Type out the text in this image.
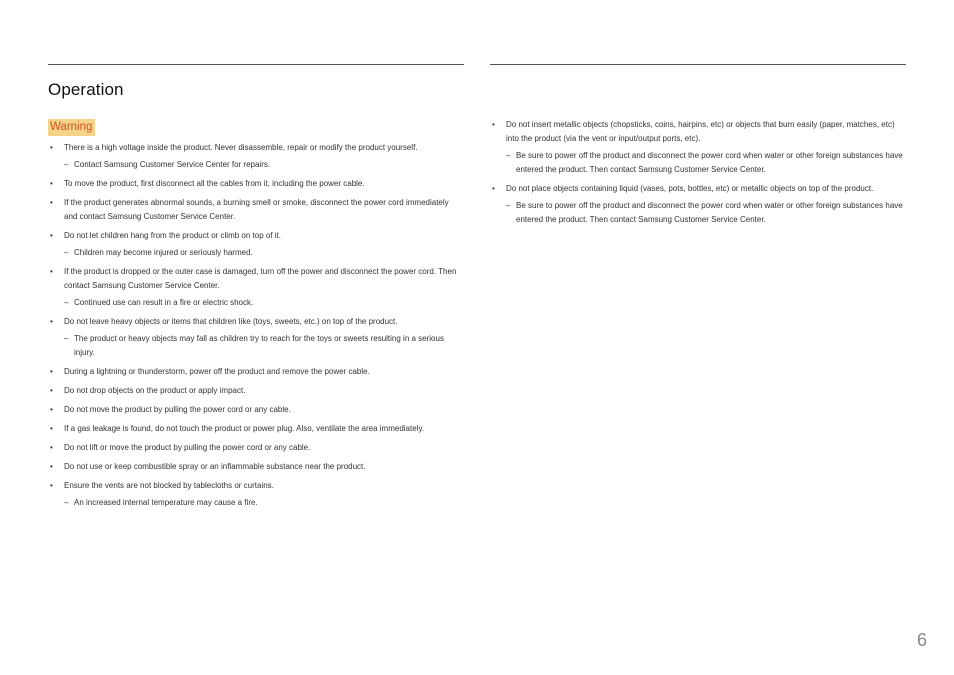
Operation
Warning
• There is a high voltage inside the product. Never disassemble, repair or modify the product yourself.
– Contact Samsung Customer Service Center for repairs.
• To move the product, first disconnect all the cables from it, including the power cable.
• If the product generates abnormal sounds, a burning smell or smoke, disconnect the power cord immediately and contact Samsung Customer Service Center.
• Do not let children hang from the product or climb on top of it.
– Children may become injured or seriously harmed.
• If the product is dropped or the outer case is damaged, turn off the power and disconnect the power cord. Then contact Samsung Customer Service Center.
– Continued use can result in a fire or electric shock.
• Do not leave heavy objects or items that children like (toys, sweets, etc.) on top of the product.
– The product or heavy objects may fall as children try to reach for the toys or sweets resulting in a serious injury.
• During a lightning or thunderstorm, power off the product and remove the power cable.
• Do not drop objects on the product or apply impact.
• Do not move the product by pulling the power cord or any cable.
• If a gas leakage is found, do not touch the product or power plug. Also, ventilate the area immediately.
• Do not lift or move the product by pulling the power cord or any cable.
• Do not use or keep combustible spray or an inflammable substance near the product.
• Ensure the vents are not blocked by tablecloths or curtains.
– An increased internal temperature may cause a fire.
• Do not insert metallic objects (chopsticks, coins, hairpins, etc) or objects that burn easily (paper, matches, etc) into the product (via the vent or input/output ports, etc).
– Be sure to power off the product and disconnect the power cord when water or other foreign substances have entered the product. Then contact Samsung Customer Service Center.
• Do not place objects containing liquid (vases, pots, bottles, etc) or metallic objects on top of the product.
– Be sure to power off the product and disconnect the power cord when water or other foreign substances have entered the product. Then contact Samsung Customer Service Center.
6
